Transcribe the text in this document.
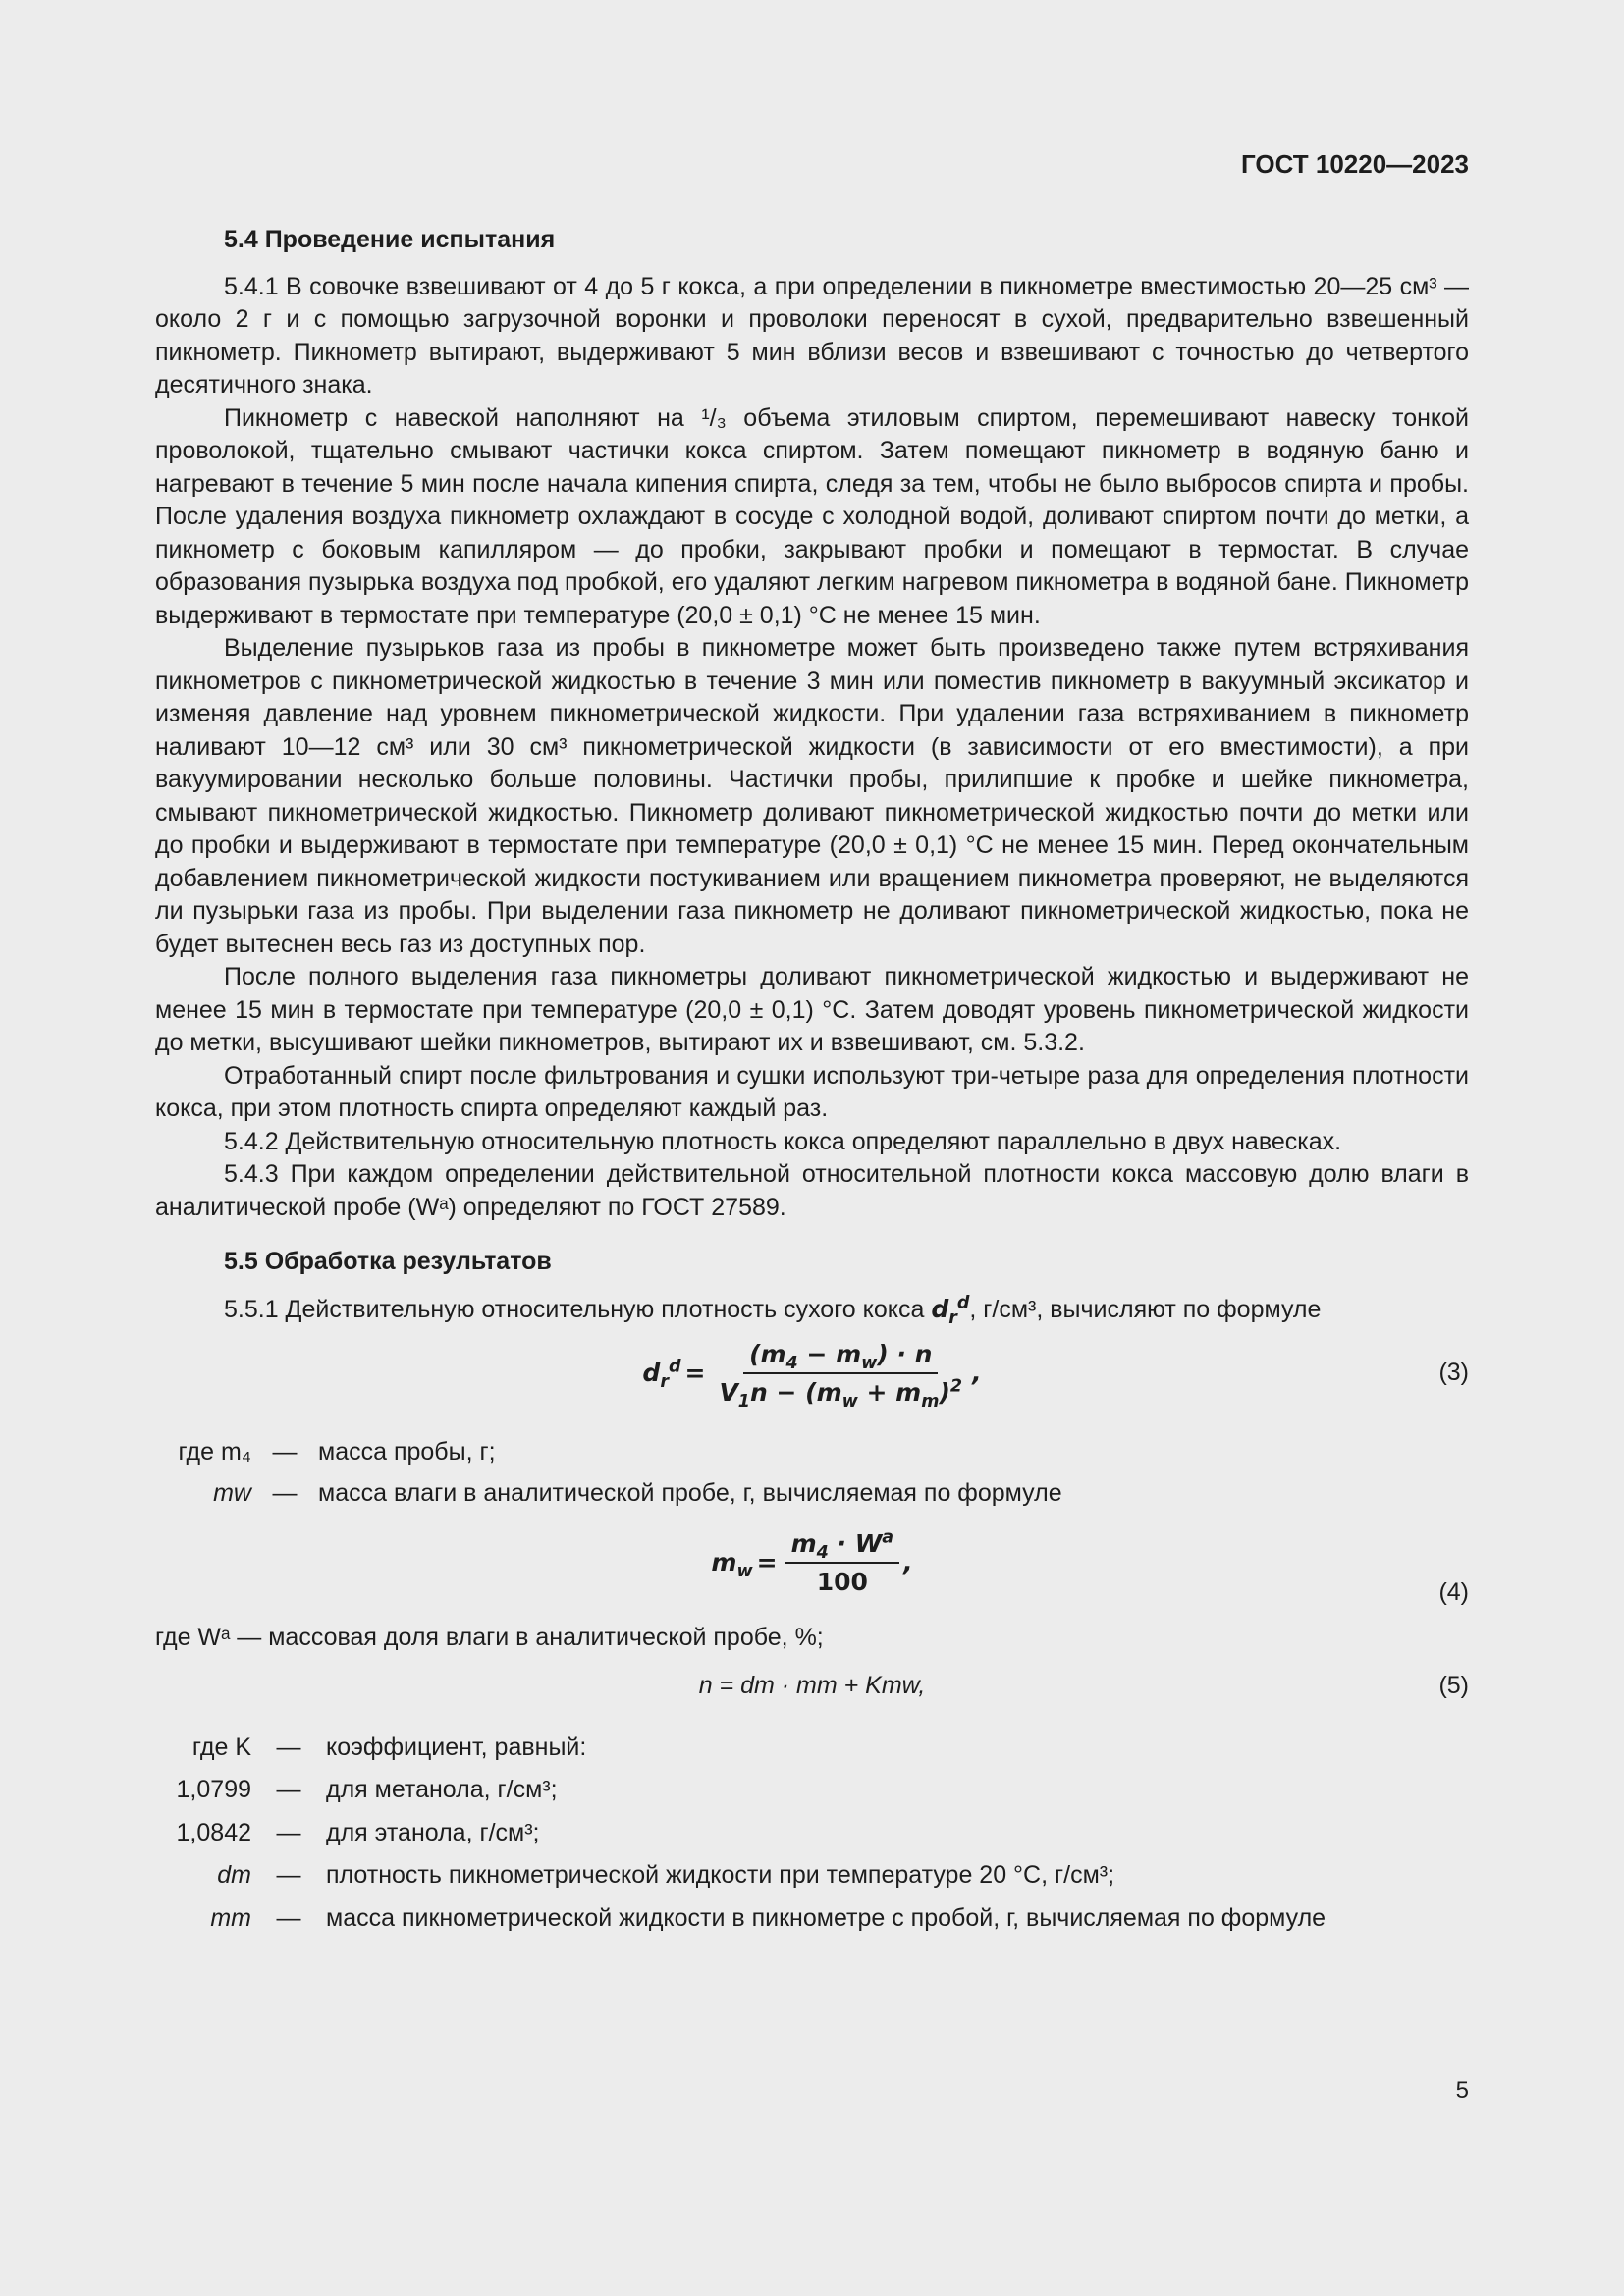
ГОСТ 10220—2023
5.4 Проведение испытания

5.4.1 В совочке взвешивают от 4 до 5 г кокса, а при определении в пикнометре вместимостью 20—25 см³ — около 2 г и с помощью загрузочной воронки и проволоки переносят в сухой, предварительно взвешенный пикнометр. Пикнометр вытирают, выдерживают 5 мин вблизи весов и взвешивают с точностью до четвертого десятичного знака.

Пикнометр с навеской наполняют на ¹/₃ объема этиловым спиртом, перемешивают навеску тонкой проволокой, тщательно смывают частички кокса спиртом. Затем помещают пикнометр в водяную баню и нагревают в течение 5 мин после начала кипения спирта, следя за тем, чтобы не было выбросов спирта и пробы. После удаления воздуха пикнометр охлаждают в сосуде с холодной водой, доливают спиртом почти до метки, а пикнометр с боковым капилляром — до пробки, закрывают пробки и помещают в термостат. В случае образования пузырька воздуха под пробкой, его удаляют легким нагревом пикнометра в водяной бане. Пикнометр выдерживают в термостате при температуре (20,0 ± 0,1) °С не менее 15 мин.

Выделение пузырьков газа из пробы в пикнометре может быть произведено также путем встряхивания пикнометров с пикнометрической жидкостью в течение 3 мин или поместив пикнометр в вакуумный эксикатор и изменяя давление над уровнем пикнометрической жидкости. При удалении газа встряхиванием в пикнометр наливают 10—12 см³ или 30 см³ пикнометрической жидкости (в зависимости от его вместимости), а при вакуумировании несколько больше половины. Частички пробы, прилипшие к пробке и шейке пикнометра, смывают пикнометрической жидкостью. Пикнометр доливают пикнометрической жидкостью почти до метки или до пробки и выдерживают в термостате при температуре (20,0 ± 0,1) °С не менее 15 мин. Перед окончательным добавлением пикнометрической жидкости постукиванием или вращением пикнометра проверяют, не выделяются ли пузырьки газа из пробы. При выделении газа пикнометр не доливают пикнометрической жидкостью, пока не будет вытеснен весь газ из доступных пор.

После полного выделения газа пикнометры доливают пикнометрической жидкостью и выдерживают не менее 15 мин в термостате при температуре (20,0 ± 0,1) °С. Затем доводят уровень пикнометрической жидкости до метки, высушивают шейки пикнометров, вытирают их и взвешивают, см. 5.3.2.

Отработанный спирт после фильтрования и сушки используют три-четыре раза для определения плотности кокса, при этом плотность спирта определяют каждый раз.

5.4.2 Действительную относительную плотность кокса определяют параллельно в двух навесках.

5.4.3 При каждом определении действительной относительной плотности кокса массовую долю влаги в аналитической пробе (Wᵃ) определяют по ГОСТ 27589.

5.5 Обработка результатов

5.5.1 Действительную относительную плотность сухого кокса $d_r^d$, г/см³, вычисляют по формуле

$d_r^d = \frac{(m_4 - m_w) \cdot n}{V_1n - (m_w + m_m)^2}$ ,	(3)
где m₄ — масса пробы, г;
mw — масса влаги в аналитической пробе, г, вычисляемая по формуле
$m_w = \frac{m_4 \cdot W^a}{100}$ ,
(4)

где Wᵃ — массовая доля влаги в аналитической пробе, %;

n = dm · mm + Kmw,	(5)
где K	—	коэффициент, равный:
1,0799	—	для метанола, г/см³;
1,0842	—	для этанола, г/см³;
dm	—	плотность пикнометрической жидкости при температуре 20 °С, г/см³;
mm	—	масса пикнометрической жидкости в пикнометре с пробой, г, вычисляемая по формуле
5
